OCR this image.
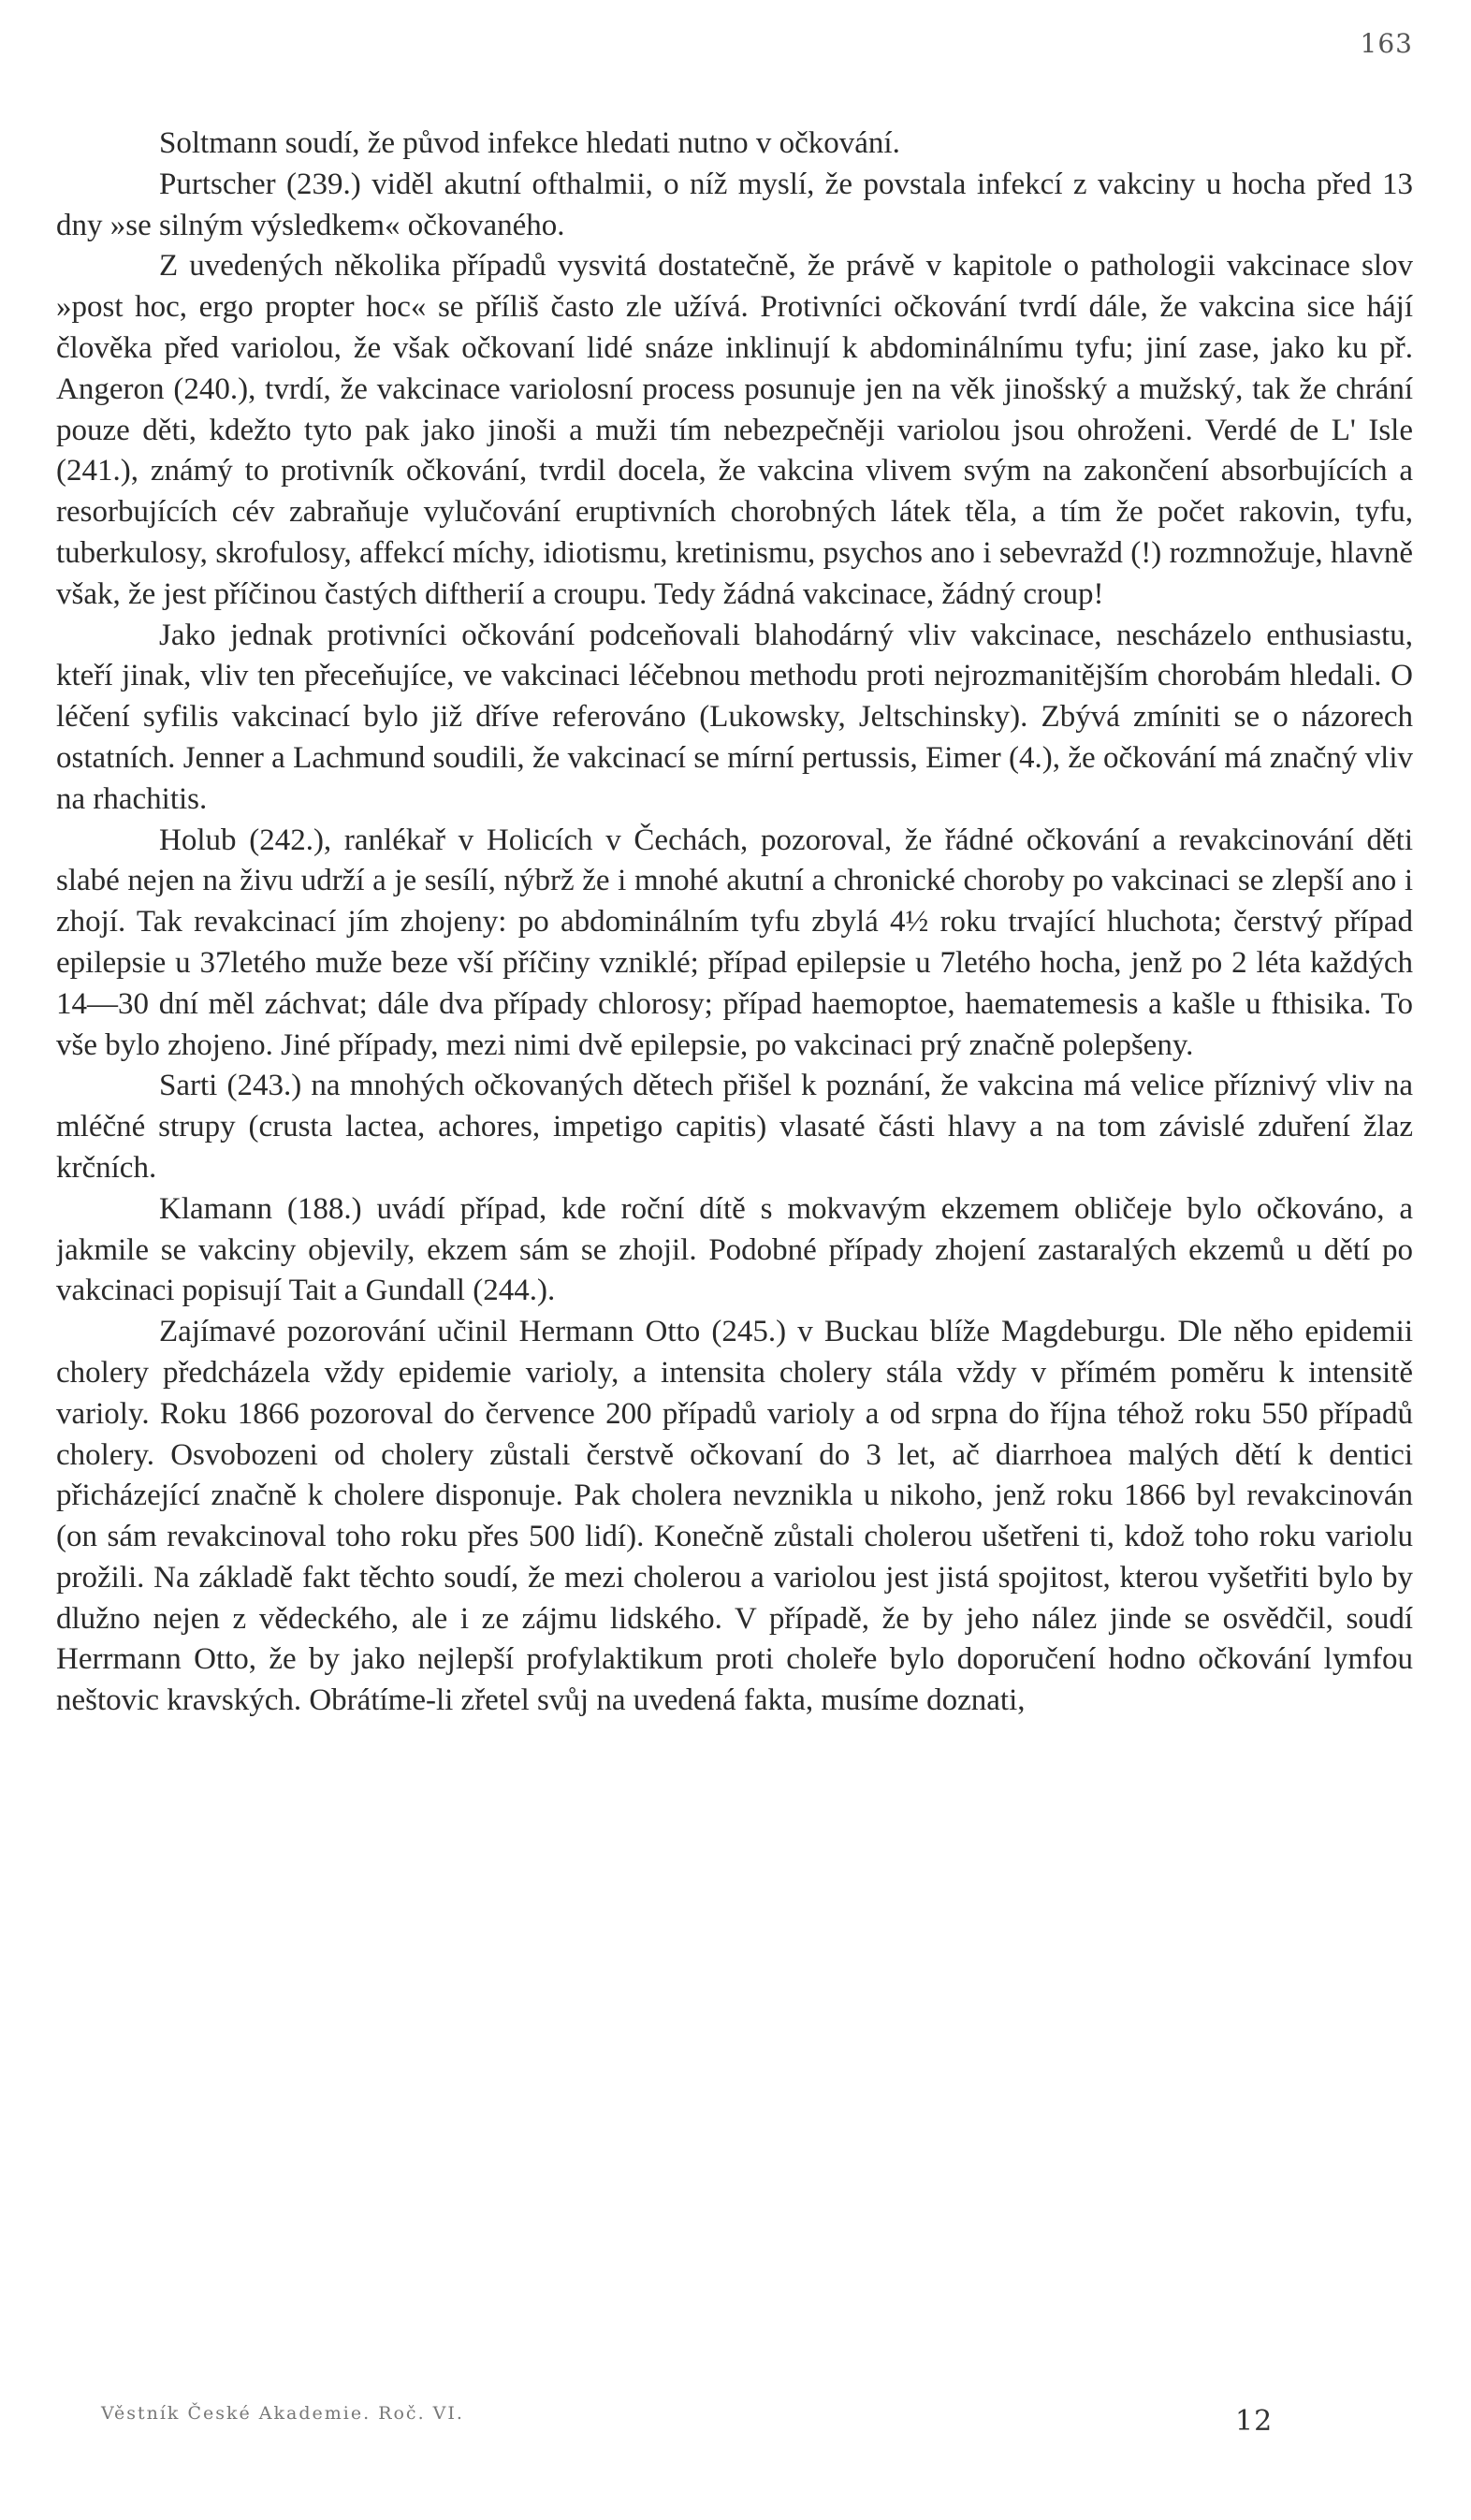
163

Soltmann soudí, že původ infekce hledati nutno v očkování.

Purtscher (239.) viděl akutní ofthalmii, o níž myslí, že povstala infekcí z vakciny u hocha před 13 dny »se silným výsledkem« očkovaného.

Z uvedených několika případů vysvitá dostatečně, že právě v kapitole o pathologii vakcinace slov »post hoc, ergo propter hoc« se příliš často zle užívá. Protivníci očkování tvrdí dále, že vakcina sice hájí člověka před variolou, že však očkovaní lidé snáze inklinují k abdominálnímu tyfu; jiní zase, jako ku př. Angeron (240.), tvrdí, že vakcinace variolosní process posunuje jen na věk jinošský a mužský, tak že chrání pouze děti, kdežto tyto pak jako jinoši a muži tím nebezpečněji variolou jsou ohroženi. Verdé de L' Isle (241.), známý to protivník očkování, tvrdil docela, že vakcina vlivem svým na zakončení absorbujících a resorbujících cév zabraňuje vylučování eruptivních chorobných látek těla, a tím že počet rakovin, tyfu, tuberkulosy, skrofulosy, affekcí míchy, idiotismu, kretinismu, psychos ano i sebevražd (!) rozmnožuje, hlavně však, že jest příčinou častých diftherií a croupu. Tedy žádná vakcinace, žádný croup!

Jako jednak protivníci očkování podceňovali blahodárný vliv vakcinace, nescházelo enthusiastu, kteří jinak, vliv ten přeceňujíce, ve vakcinaci léčebnou methodu proti nejrozmanitějším chorobám hledali. O léčení syfilis vakcinací bylo již dříve referováno (Lukowsky, Jeltschinsky). Zbývá zmíniti se o názorech ostatních. Jenner a Lachmund soudili, že vakcinací se mírní pertussis, Eimer (4.), že očkování má značný vliv na rhachitis.

Holub (242.), ranlékař v Holicích v Čechách, pozoroval, že řádné očkování a revakcinování děti slabé nejen na živu udrží a je sesílí, nýbrž že i mnohé akutní a chronické choroby po vakcinaci se zlepší ano i zhojí. Tak revakcinací jím zhojeny: po abdominálním tyfu zbylá 4½ roku trvající hluchota; čerstvý případ epilepsie u 37letého muže beze vší příčiny vzniklé; případ epilepsie u 7letého hocha, jenž po 2 léta každých 14—30 dní měl záchvat; dále dva případy chlorosy; případ haemoptoe, haematemesis a kašle u fthisika. To vše bylo zhojeno. Jiné případy, mezi nimi dvě epilepsie, po vakcinaci prý značně polepšeny.

Sarti (243.) na mnohých očkovaných dětech přišel k poznání, že vakcina má velice příznivý vliv na mléčné strupy (crusta lactea, achores, impetigo capitis) vlasaté části hlavy a na tom závislé zduření žlaz krčních.

Klamann (188.) uvádí případ, kde roční dítě s mokvavým ekzemem obličeje bylo očkováno, a jakmile se vakciny objevily, ekzem sám se zhojil. Podobné případy zhojení zastaralých ekzemů u dětí po vakcinaci popisují Tait a Gundall (244.).

Zajímavé pozorování učinil Hermann Otto (245.) v Buckau blíže Magdeburgu. Dle něho epidemii cholery předcházela vždy epidemie varioly, a intensita cholery stála vždy v přímém poměru k intensitě varioly. Roku 1866 pozoroval do července 200 případů varioly a od srpna do října téhož roku 550 případů cholery. Osvobozeni od cholery zůstali čerstvě očkovaní do 3 let, ač diarrhoea malých dětí k dentici přicházející značně k cholere disponuje. Pak cholera nevznikla u nikoho, jenž roku 1866 byl revakcinován (on sám revakcinoval toho roku přes 500 lidí). Konečně zůstali cholerou ušetřeni ti, kdož toho roku variolu prožili. Na základě fakt těchto soudí, že mezi cholerou a variolou jest jistá spojitost, kterou vyšetřiti bylo by dlužno nejen z vědeckého, ale i ze zájmu lidského. V případě, že by jeho nález jinde se osvědčil, soudí Herrmann Otto, že by jako nejlepší profylaktikum proti choleře bylo doporučení hodno očkování lymfou neštovic kravských. Obrátíme-li zřetel svůj na uvedená fakta, musíme doznati,

Věstník České Akademie. Roč. VI.	12
